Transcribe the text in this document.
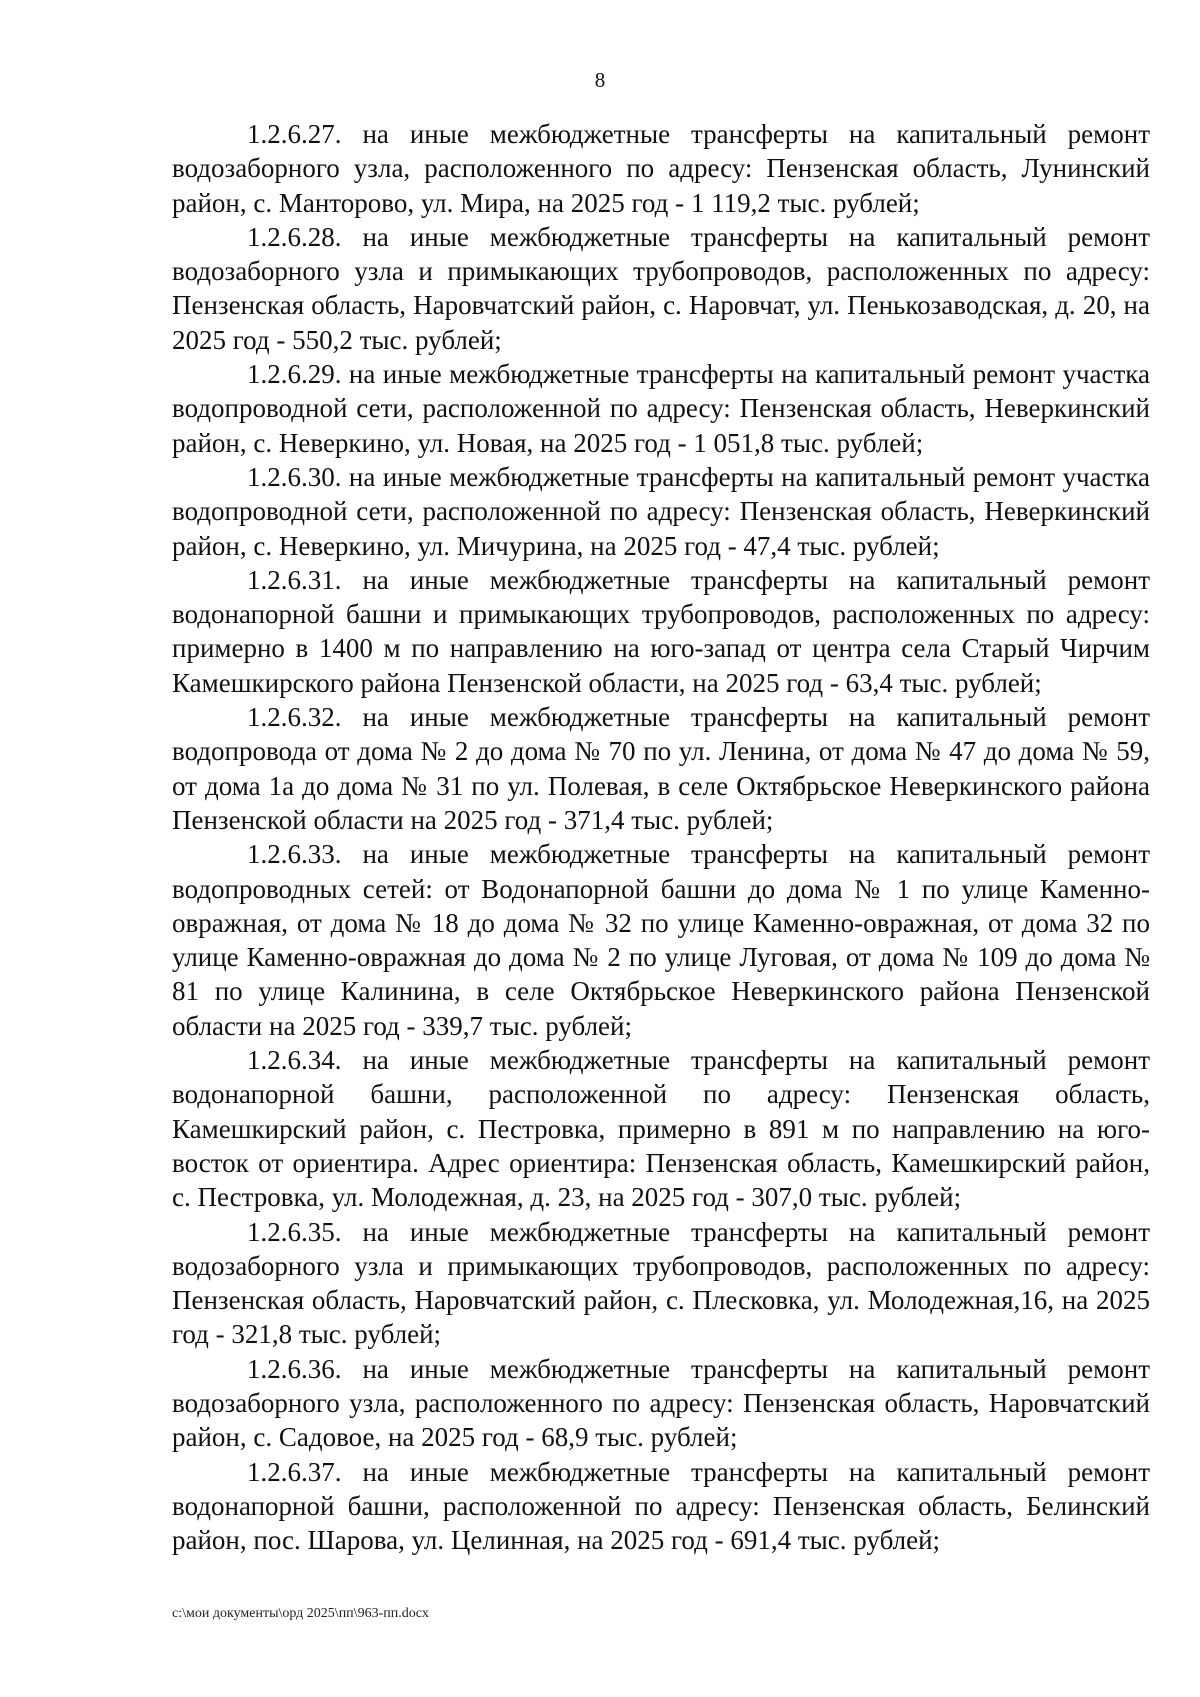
8

1.2.6.27. на иные межбюджетные трансферты на капитальный ремонт водозаборного узла, расположенного по адресу: Пензенская область, Лунинский район, с. Манторово, ул. Мира, на 2025 год - 1 119,2 тыс. рублей;

1.2.6.28. на иные межбюджетные трансферты на капитальный ремонт водозаборного узла и примыкающих трубопроводов, расположенных по адресу: Пензенская область, Наровчатский район, с. Наровчат, ул. Пенькозаводская, д. 20, на 2025 год - 550,2 тыс. рублей;

1.2.6.29. на иные межбюджетные трансферты на капитальный ремонт участка водопроводной сети, расположенной по адресу: Пензенская область, Неверкинский район, с. Неверкино, ул. Новая, на 2025 год - 1 051,8 тыс. рублей;

1.2.6.30. на иные межбюджетные трансферты на капитальный ремонт участка водопроводной сети, расположенной по адресу: Пензенская область, Неверкинский район, с. Неверкино, ул. Мичурина, на 2025 год - 47,4 тыс. рублей;

1.2.6.31. на иные межбюджетные трансферты на капитальный ремонт водонапорной башни и примыкающих трубопроводов, расположенных по адресу: примерно в 1400 м по направлению на юго-запад от центра села Старый Чирчим Камешкирского района Пензенской области, на 2025 год - 63,4 тыс. рублей;

1.2.6.32. на иные межбюджетные трансферты на капитальный ремонт водопровода от дома № 2 до дома № 70 по ул. Ленина, от дома № 47 до дома № 59, от дома 1а до дома № 31 по ул. Полевая, в селе Октябрьское Неверкинского района Пензенской области на 2025 год - 371,4 тыс. рублей;

1.2.6.33. на иные межбюджетные трансферты на капитальный ремонт водопроводных сетей: от Водонапорной башни до дома № 1 по улице Каменно-овражная, от дома № 18 до дома № 32 по улице Каменно-овражная, от дома 32 по улице Каменно-овражная до дома № 2 по улице Луговая, от дома № 109 до дома № 81 по улице Калинина, в селе Октябрьское Неверкинского района Пензенской области на 2025 год - 339,7 тыс. рублей;

1.2.6.34. на иные межбюджетные трансферты на капитальный ремонт водонапорной башни, расположенной по адресу: Пензенская область, Камешкирский район, с. Пестровка, примерно в 891 м по направлению на юго-восток от ориентира. Адрес ориентира: Пензенская область, Камешкирский район, с. Пестровка, ул. Молодежная, д. 23, на 2025 год - 307,0 тыс. рублей;

1.2.6.35. на иные межбюджетные трансферты на капитальный ремонт водозаборного узла и примыкающих трубопроводов, расположенных по адресу: Пензенская область, Наровчатский район, с. Плесковка, ул. Молодежная,16, на 2025 год - 321,8 тыс. рублей;

1.2.6.36. на иные межбюджетные трансферты на капитальный ремонт водозаборного узла, расположенного по адресу: Пензенская область, Наровчатский район, с. Садовое, на 2025 год - 68,9 тыс. рублей;

1.2.6.37. на иные межбюджетные трансферты на капитальный ремонт водонапорной башни, расположенной по адресу: Пензенская область, Белинский район, пос. Шарова, ул. Целинная, на 2025 год - 691,4 тыс. рублей;

c:\мои документы\орд 2025\пп\963-пп.docx
